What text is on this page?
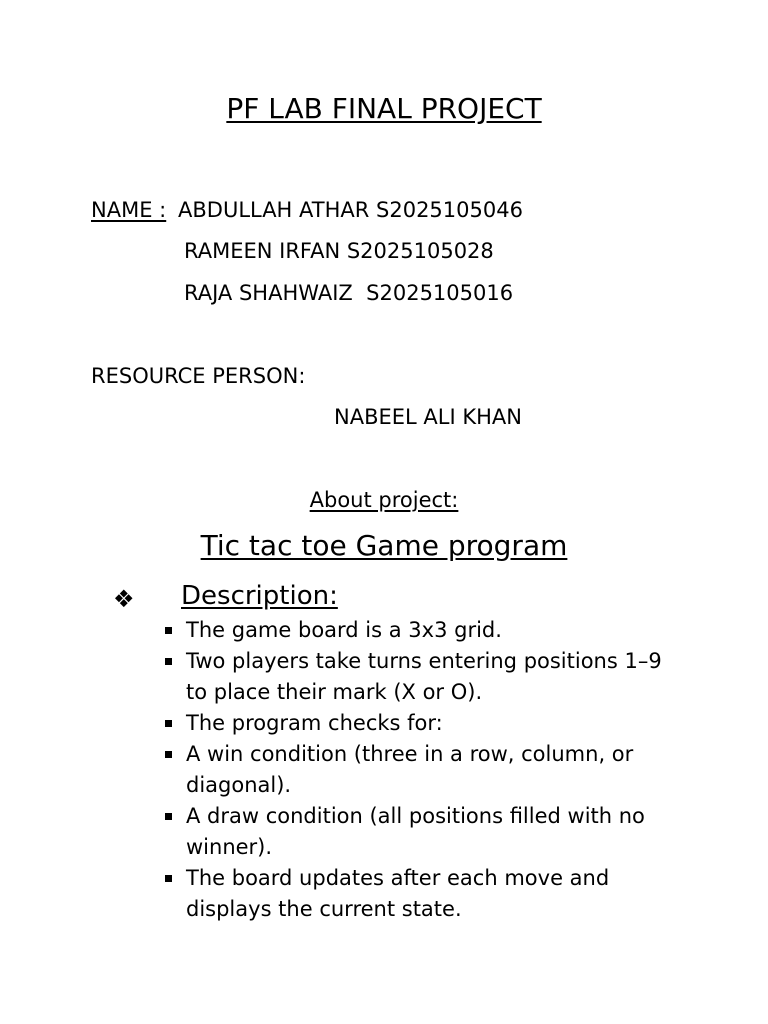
PF LAB FINAL PROJECT
NAME : ABDULLAH ATHAR S2025105046
RAMEEN IRFAN S2025105028
RAJA SHAHWAIZ  S2025105016
RESOURCE PERSON:
NABEEL ALI KHAN
About project:
Tic tac toe Game program
❖ Description:
The game board is a 3x3 grid.
Two players take turns entering positions 1–9 to place their mark (X or O).
The program checks for:
A win condition (three in a row, column, or diagonal).
A draw condition (all positions filled with no winner).
The board updates after each move and displays the current state.
